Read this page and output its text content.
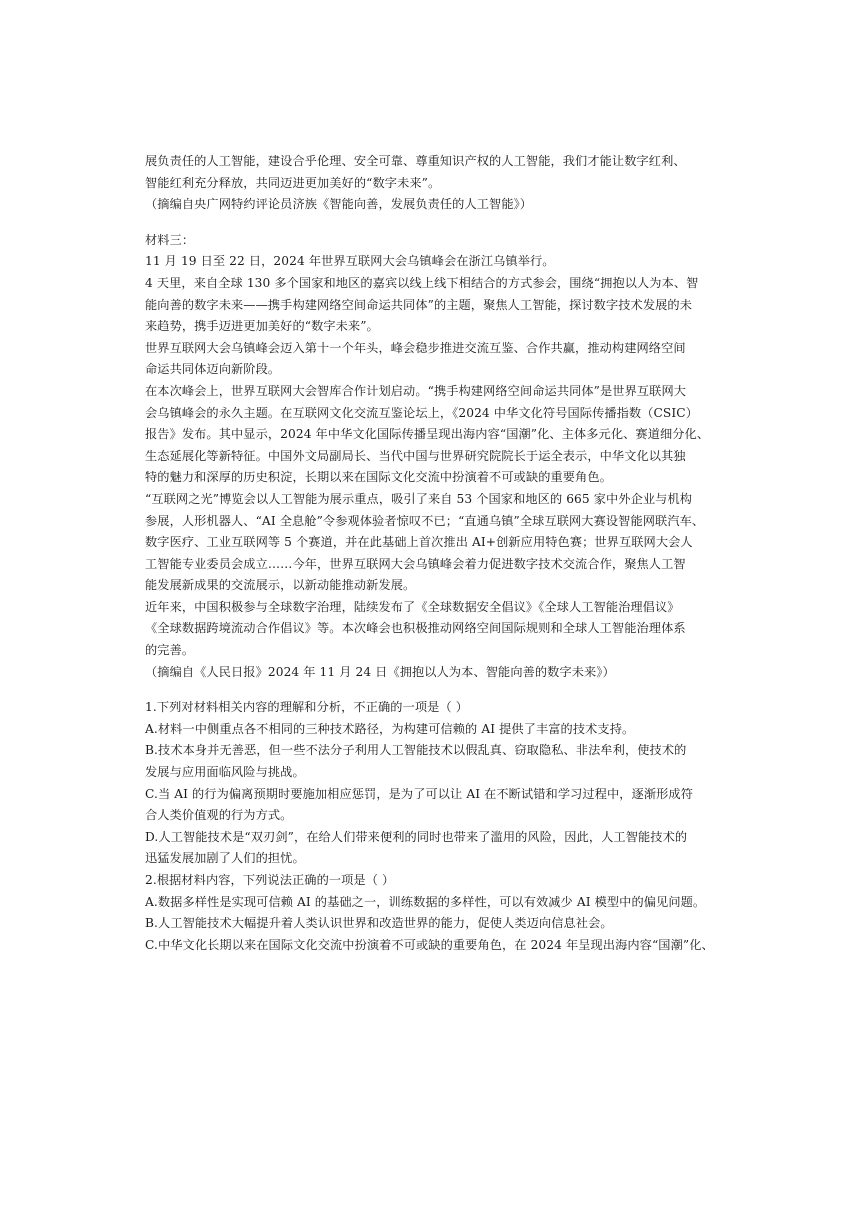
展负责任的人工智能，建设合乎伦理、安全可靠、尊重知识产权的人工智能，我们才能让数字红利、
智能红利充分释放，共同迈进更加美好的“数字未来”。
（摘编自央广网特约评论员济族《智能向善，发展负责任的人工智能》）
材料三：
11 月 19 日至 22 日，2024 年世界互联网大会乌镇峰会在浙江乌镇举行。
4 天里，来自全球 130 多个国家和地区的嘉宾以线上线下相结合的方式参会，围绕“拥抱以人为本、智
能向善的数字未来——携手构建网络空间命运共同体”的主题，聚焦人工智能，探讨数字技术发展的未
来趋势，携手迈进更加美好的“数字未来”。
世界互联网大会乌镇峰会迈入第十一个年头，峰会稳步推进交流互鉴、合作共赢，推动构建网络空间
命运共同体迈向新阶段。
在本次峰会上，世界互联网大会智库合作计划启动。“携手构建网络空间命运共同体”是世界互联网大
会乌镇峰会的永久主题。在互联网文化交流互鉴论坛上，《2024 中华文化符号国际传播指数（CSIC）
报告》发布。其中显示，2024 年中华文化国际传播呈现出海内容“国潮”化、主体多元化、赛道细分化、
生态延展化等新特征。中国外文局副局长、当代中国与世界研究院院长于运全表示，中华文化以其独
特的魅力和深厚的历史积淀，长期以来在国际文化交流中扮演着不可或缺的重要角色。
“互联网之光”博览会以人工智能为展示重点，吸引了来自 53 个国家和地区的 665 家中外企业与机构
参展，人形机器人、“AI 全息舱”令参观体验者惊叹不已；“直通乌镇”全球互联网大赛设智能网联汽车、
数字医疗、工业互联网等 5 个赛道，并在此基础上首次推出 AI+创新应用特色赛；世界互联网大会人
工智能专业委员会成立……今年，世界互联网大会乌镇峰会着力促进数字技术交流合作，聚焦人工智
能发展新成果的交流展示，以新动能推动新发展。
近年来，中国积极参与全球数字治理，陆续发布了《全球数据安全倡议》《全球人工智能治理倡议》
《全球数据跨境流动合作倡议》等。本次峰会也积极推动网络空间国际规则和全球人工智能治理体系
的完善。
（摘编自《人民日报》2024 年 11 月 24 日《拥抱以人为本、智能向善的数字未来》）
1.下列对材料相关内容的理解和分析，不正确的一项是（ ）
A.材料一中侧重点各不相同的三种技术路径，为构建可信赖的 AI 提供了丰富的技术支持。
B.技术本身并无善恶，但一些不法分子利用人工智能技术以假乱真、窃取隐私、非法牟利，使技术的
发展与应用面临风险与挑战。
C.当 AI 的行为偏离预期时要施加相应惩罚，是为了可以让 AI 在不断试错和学习过程中，逐渐形成符
合人类价值观的行为方式。
D.人工智能技术是“双刃剑”，在给人们带来便利的同时也带来了滥用的风险，因此，人工智能技术的
迅猛发展加剧了人们的担忧。
2.根据材料内容，下列说法正确的一项是（ ）
A.数据多样性是实现可信赖 AI 的基础之一，训练数据的多样性，可以有效减少 AI 模型中的偏见问题。
B.人工智能技术大幅提升着人类认识世界和改造世界的能力，促使人类迈向信息社会。
C.中华文化长期以来在国际文化交流中扮演着不可或缺的重要角色，在 2024 年呈现出海内容“国潮”化、
